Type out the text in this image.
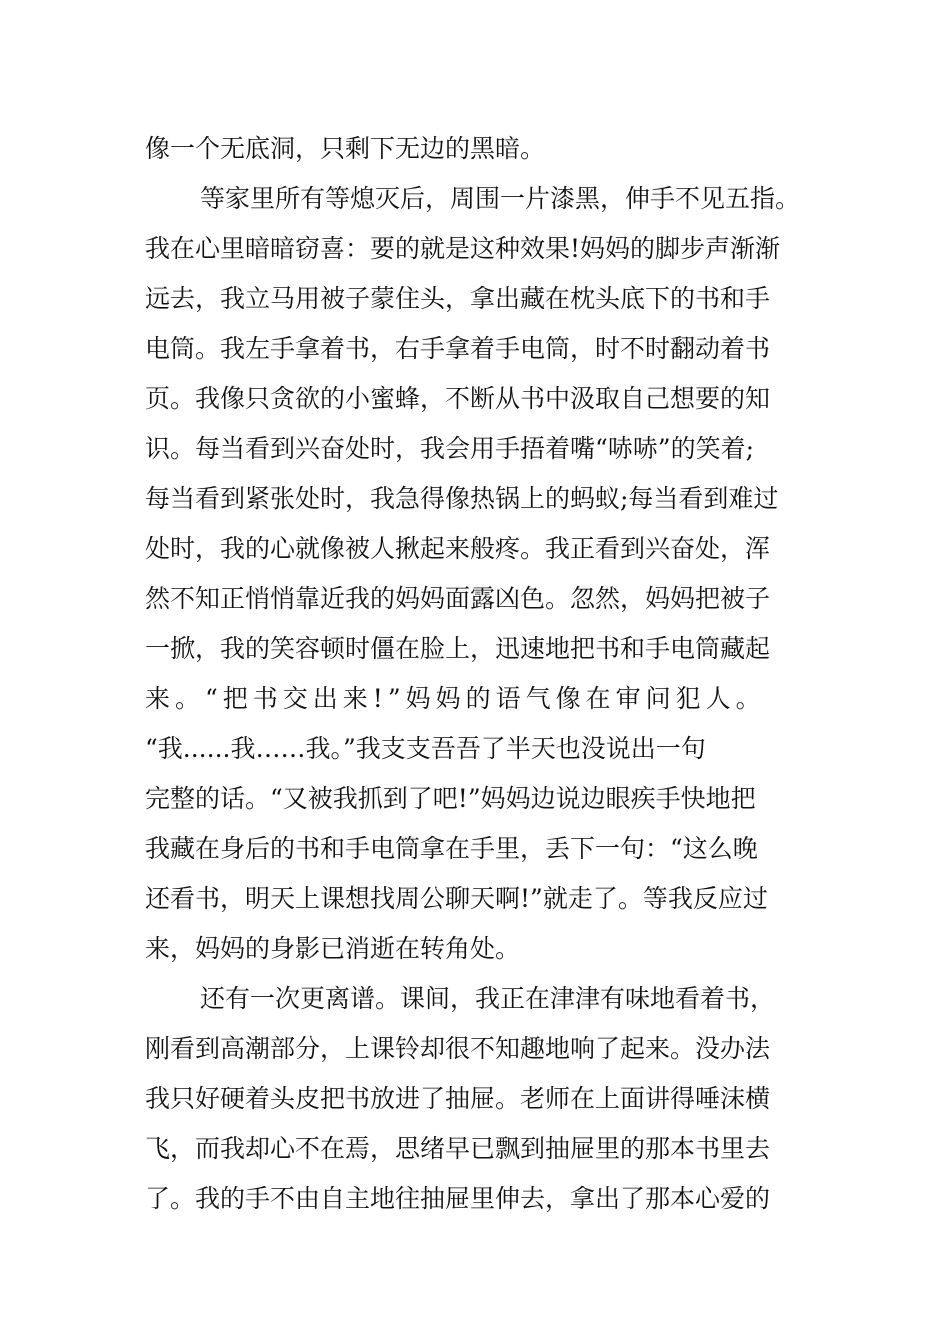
像一个无底洞，只剩下无边的黑暗。
等家里所有等熄灭后，周围一片漆黑，伸手不见五指。
我在心里暗暗窃喜：要的就是这种效果!妈妈的脚步声渐渐
远去，我立马用被子蒙住头，拿出藏在枕头底下的书和手
电筒。我左手拿着书，右手拿着手电筒，时不时翻动着书
页。我像只贪欲的小蜜蜂，不断从书中汲取自己想要的知
识。每当看到兴奋处时，我会用手捂着嘴“哧哧”的笑着;
每当看到紧张处时，我急得像热锅上的蚂蚁;每当看到难过
处时，我的心就像被人揪起来般疼。我正看到兴奋处，浑
然不知正悄悄靠近我的妈妈面露凶色。忽然，妈妈把被子
一掀，我的笑容顿时僵在脸上，迅速地把书和手电筒藏起
来。“把书交出来!”妈妈的语气像在审问犯人。
“我......我……我。”我支支吾吾了半天也没说出一句
完整的话。“又被我抓到了吧!”妈妈边说边眼疾手快地把
我藏在身后的书和手电筒拿在手里，丢下一句：“这么晚
还看书，明天上课想找周公聊天啊!”就走了。等我反应过
来，妈妈的身影已消逝在转角处。
还有一次更离谱。课间，我正在津津有味地看着书，
刚看到高潮部分，上课铃却很不知趣地响了起来。没办法
我只好硬着头皮把书放进了抽屉。老师在上面讲得唾沫横
飞，而我却心不在焉，思绪早已飘到抽屉里的那本书里去
了。我的手不由自主地往抽屉里伸去，拿出了那本心爱的
